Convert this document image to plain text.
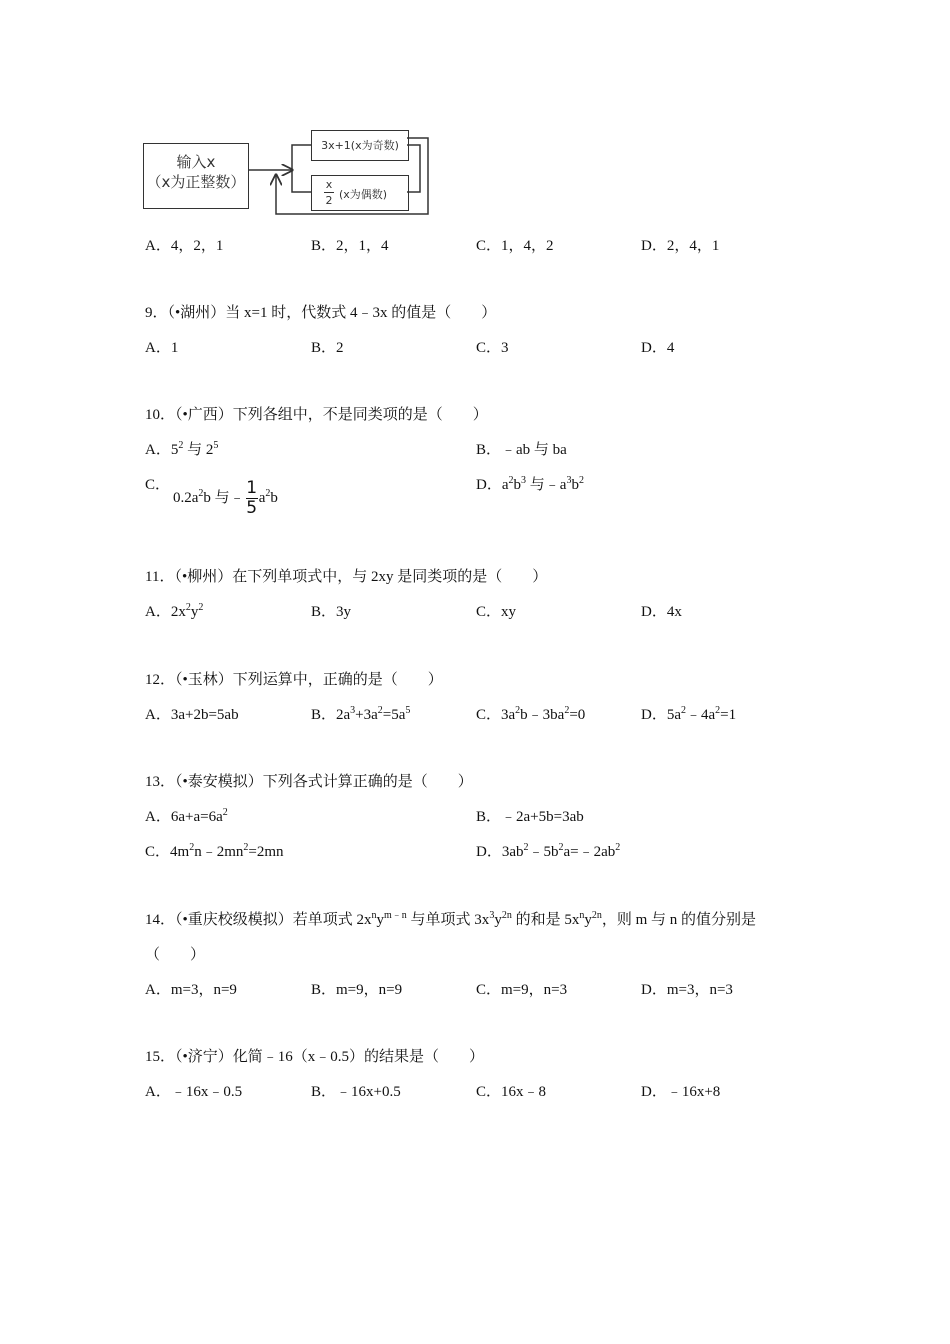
输入x
（x为正整数）
3x+1(x为奇数)
x
2 (x为偶数)
A．4，2，1	B．2，1，4	C．1，4，2	D．2，4，1
9．（•湖州）当 x=1 时，代数式 4﹣3x 的值是（　　）
A．1	B．2	C．3	D．4
10．（•广西）下列各组中，不是同类项的是（　　）
A．$5^2$ 与 $2^5$	B．﹣ab 与 ba
C．
$0.2a^2b$ 与﹣ $\frac{1}{5} a^2b$
D．$a^2b^3$ 与$﹣a^3b^2$
11．（•柳州）在下列单项式中，与 2xy 是同类项的是（　　）
A．$2x^2y^2$	B．3y	C．xy	D．4x
12．（•玉林）下列运算中，正确的是（　　）
A．3a+2b=5ab	B．$2a^3+3a^2=5a^5$	C．$3a^2b﹣3ba^2=0$	D．$5a^2﹣4a^2=1$
13．（•泰安模拟）下列各式计算正确的是（　　）
A．$6a+a=6a^2$	B．﹣2a+5b=3ab
C．$4m^2n﹣2mn^2=2mn$	D．$3ab^2﹣5b^2a=﹣2ab^2$
14．（•重庆校级模拟）若单项式 $2x^ny^{m﹣n}$ 与单项式 $3x^3y^{2n}$ 的和是 $5x^ny^{2n}$，则 m 与 n 的值分别是
（　　）
A．m=3，n=9	B．m=9，n=9	C．m=9，n=3	D．m=3，n=3
15．（•济宁）化简﹣16（x﹣0.5）的结果是（　　）
A．﹣16x﹣0.5	B．﹣16x+0.5	C．16x﹣8	D．﹣16x+8
